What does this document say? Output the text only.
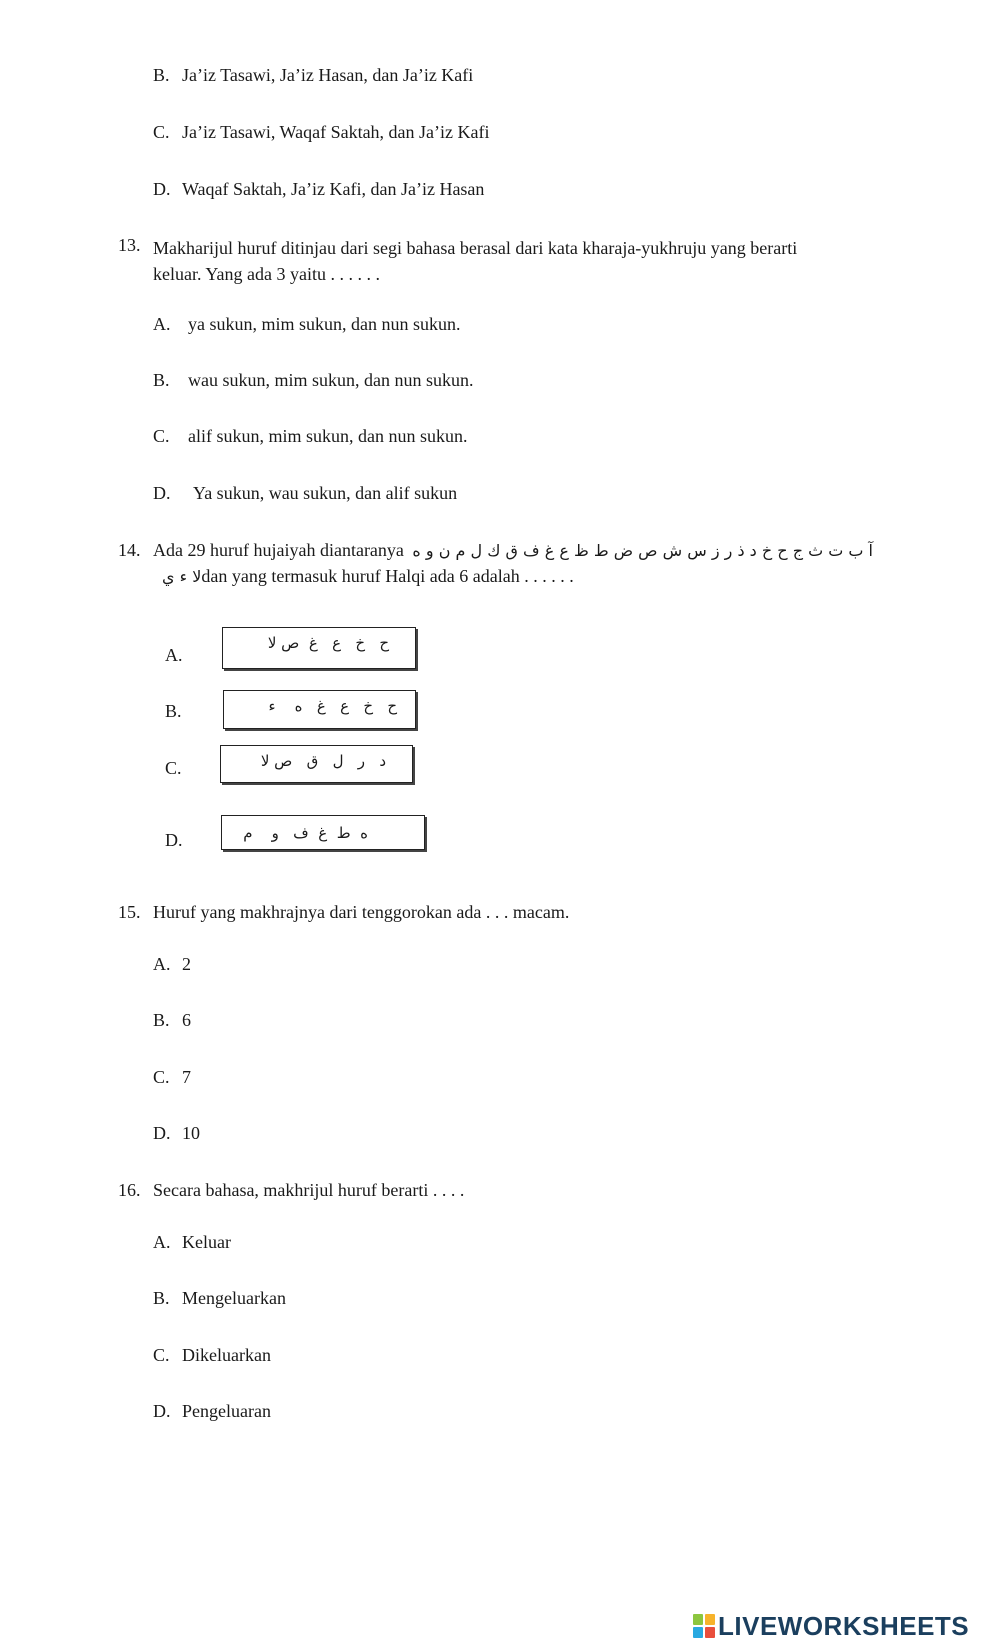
B. Ja’iz Tasawi, Ja’iz Hasan, dan Ja’iz Kafi
C. Ja’iz Tasawi, Waqaf Saktah, dan Ja’iz Kafi
D. Waqaf Saktah, Ja’iz Kafi, dan Ja’iz Hasan
13. Makharijul huruf ditinjau dari segi bahasa berasal dari kata kharaja-yukhruju yang berarti
keluar. Yang ada 3 yaitu . . . . . .
A. ya sukun, mim sukun, dan nun sukun.
B. wau sukun, mim sukun, dan nun sukun.
C. alif sukun, mim sukun, dan nun sukun.
D. Ya sukun, wau sukun, dan alif sukun
14. Ada 29 huruf hujaiyah diantaranya آ ب ت ث ج ح خ د ذ ر ز س ش ص ض ط ظ ع غ ف ق ك ل م ن و ه
لا ء يdan yang termasuk huruf Halqi ada 6 adalah . . . . . .
A.
ح   خ   ع   غ  ص لا
B.	ح   خ   ع   غ   ه    ء
C.	د   ر   ل   ق   ص لا
D.	ه  ط  غ  ف   و    م
15. Huruf yang makhrajnya dari tenggorokan ada . . . macam.
A. 2
B. 6
C. 7
D. 10
16. Secara bahasa, makhrijul huruf berarti . . . .
A. Keluar
B. Mengeluarkan
C. Dikeluarkan
D. Pengeluaran
LIVEWORKSHEETS
